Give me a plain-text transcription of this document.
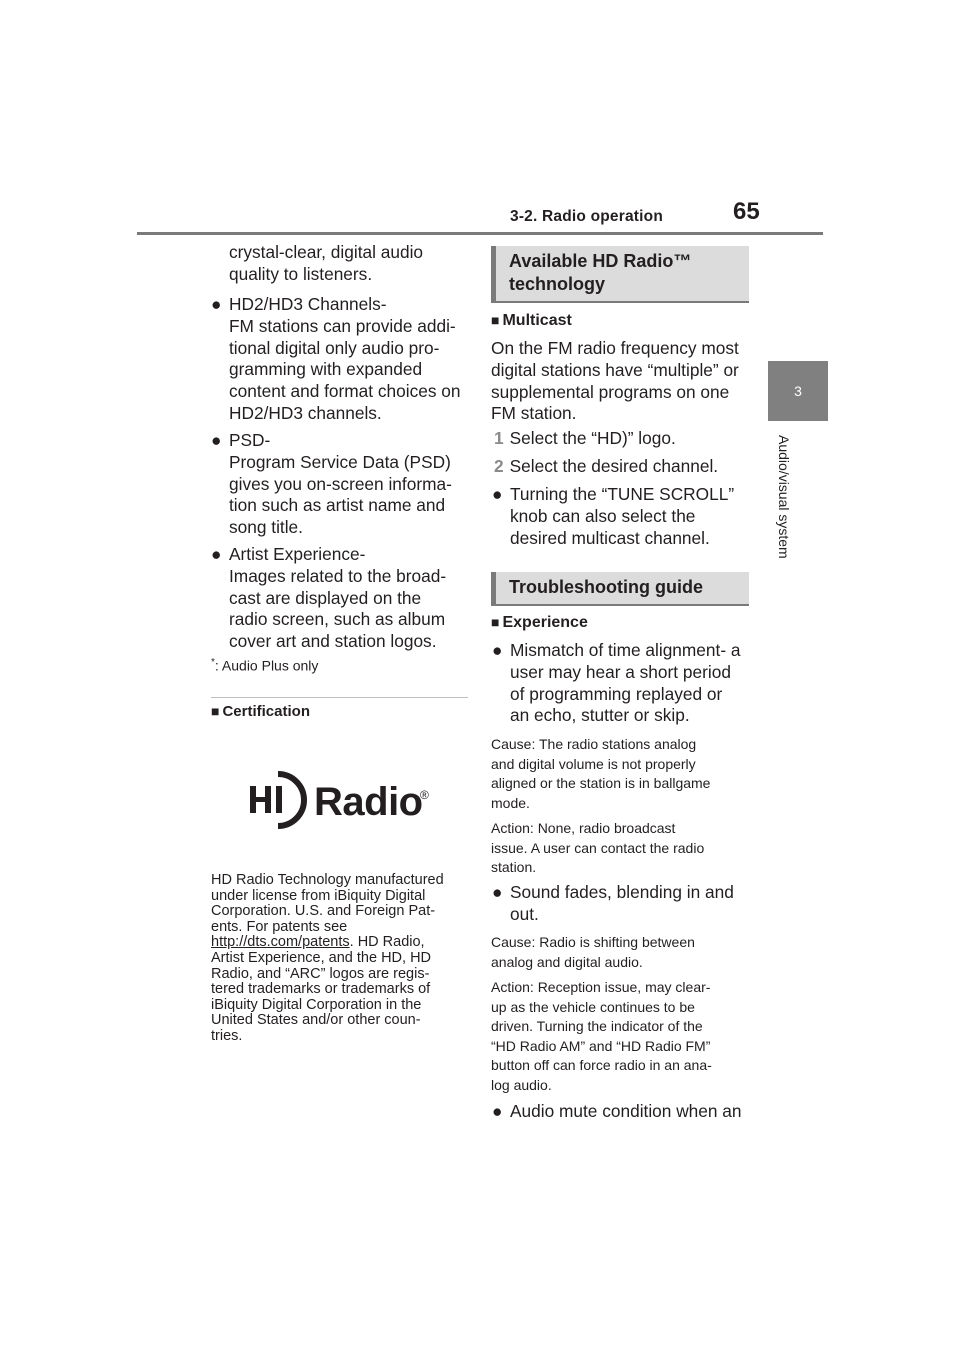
3-2. Radio operation	65
3
Audio/visual system
crystal-clear, digital audio
quality to listeners.
● HD2/HD3 Channels-
FM stations can provide addi-
tional digital only audio pro-
gramming with expanded
content and format choices on
HD2/HD3 channels.
● PSD-
Program Service Data (PSD)
gives you on-screen informa-
tion such as artist name and
song title.
● Artist Experience-
Images related to the broad-
cast are displayed on the
radio screen, such as album
cover art and station logos.
*: Audio Plus only
■ Certification
Radio
®
HD Radio Technology manufactured
under license from iBiquity Digital
Corporation. U.S. and Foreign Pat-
ents. For patents see
http://dts.com/patents. HD Radio,
Artist Experience, and the HD, HD
Radio, and “ARC” logos are regis-
tered trademarks or trademarks of
iBiquity Digital Corporation in the
United States and/or other coun-
tries.
Available HD Radio™
technology
■ Multicast
On the FM radio frequency most
digital stations have “multiple” or
supplemental programs on one
FM station.
1 Select the “HD)” logo.
2 Select the desired channel.
● Turning the “TUNE SCROLL”
knob can also select the
desired multicast channel.
Troubleshooting guide
■ Experience
● Mismatch of time alignment- a
user may hear a short period
of programming replayed or
an echo, stutter or skip.
Cause: The radio stations analog
and digital volume is not properly
aligned or the station is in ballgame
mode.
Action: None, radio broadcast
issue. A user can contact the radio
station.
● Sound fades, blending in and
out.
Cause: Radio is shifting between
analog and digital audio.
Action: Reception issue, may clear-
up as the vehicle continues to be
driven. Turning the indicator of the
“HD Radio AM” and “HD Radio FM”
button off can force radio in an ana-
log audio.
● Audio mute condition when an
